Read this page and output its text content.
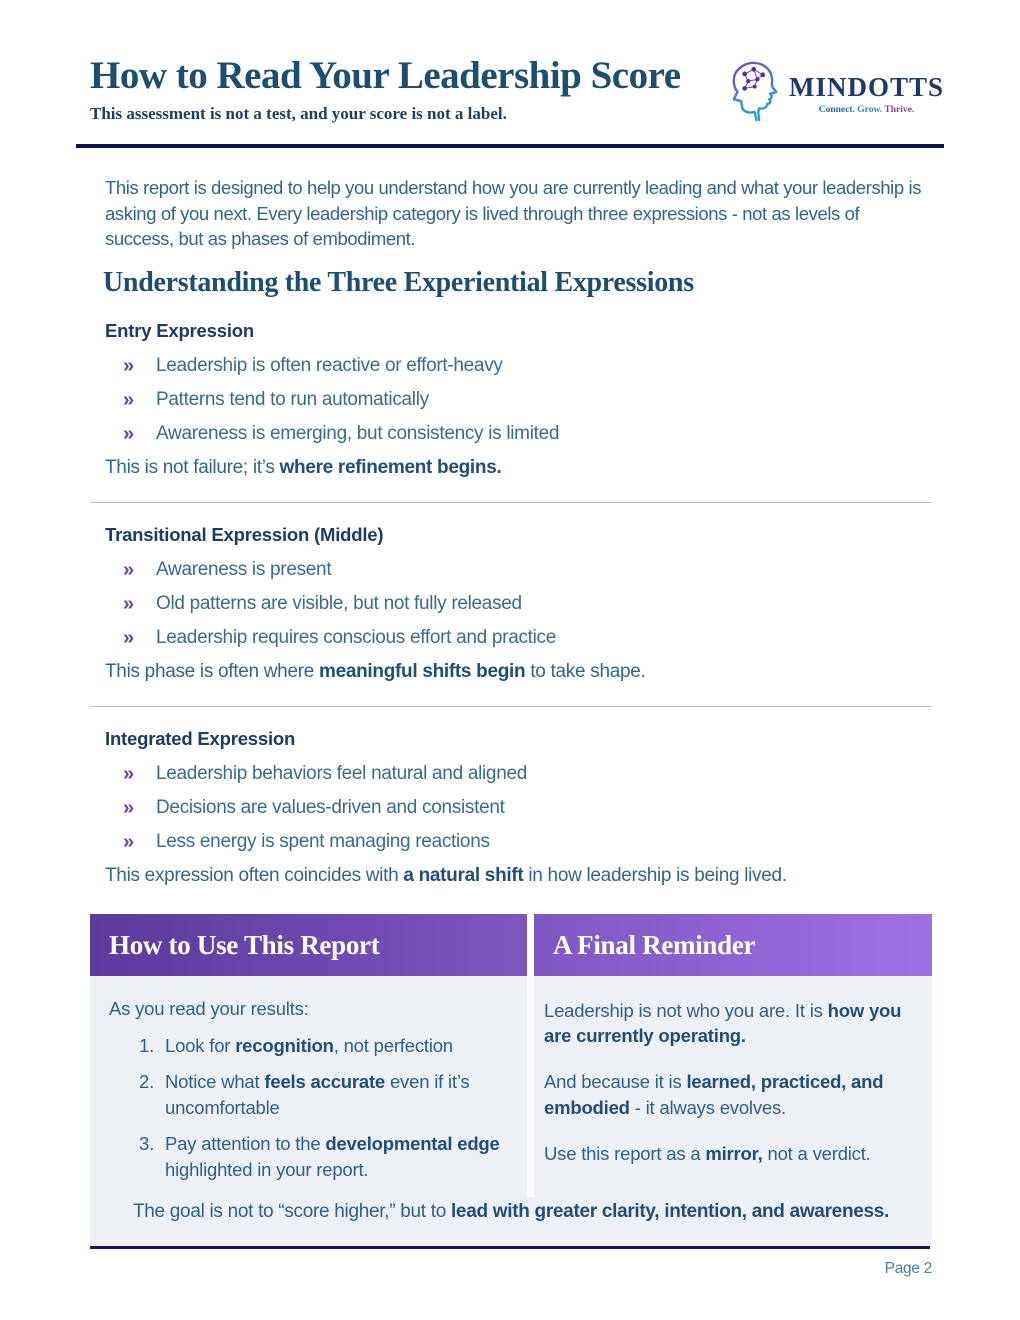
How to Read Your Leadership Score
This assessment is not a test, and your score is not a label.
MINDOTTS
Connect. Grow. Thrive.

This report is designed to help you understand how you are currently leading and what your leadership is asking of you next. Every leadership category is lived through three expressions - not as levels of success, but as phases of embodiment.

Understanding the Three Experiential Expressions
Entry Expression
»	Leadership is often reactive or effort-heavy
»	Patterns tend to run automatically
»	Awareness is emerging, but consistency is limited

This is not failure; it’s where refinement begins.

Transitional Expression (Middle)
»	Awareness is present
»	Old patterns are visible, but not fully released
»	Leadership requires conscious effort and practice

This phase is often where meaningful shifts begin to take shape.

Integrated Expression
»	Leadership behaviors feel natural and aligned
»	Decisions are values-driven and consistent
»	Less energy is spent managing reactions

This expression often coincides with a natural shift in how leadership is being lived.

How to Use This Report	A Final Reminder
As you read your results:
1. Look for recognition, not perfection
2. Notice what feels accurate even if it’s uncomfortable
3. Pay attention to the developmental edge highlighted in your report.

Leadership is not who you are. It is how you are currently operating.

And because it is learned, practiced, and embodied - it always evolves.

Use this report as a mirror, not a verdict.

The goal is not to “score higher,” but to lead with greater clarity, intention, and awareness.
Page 2
